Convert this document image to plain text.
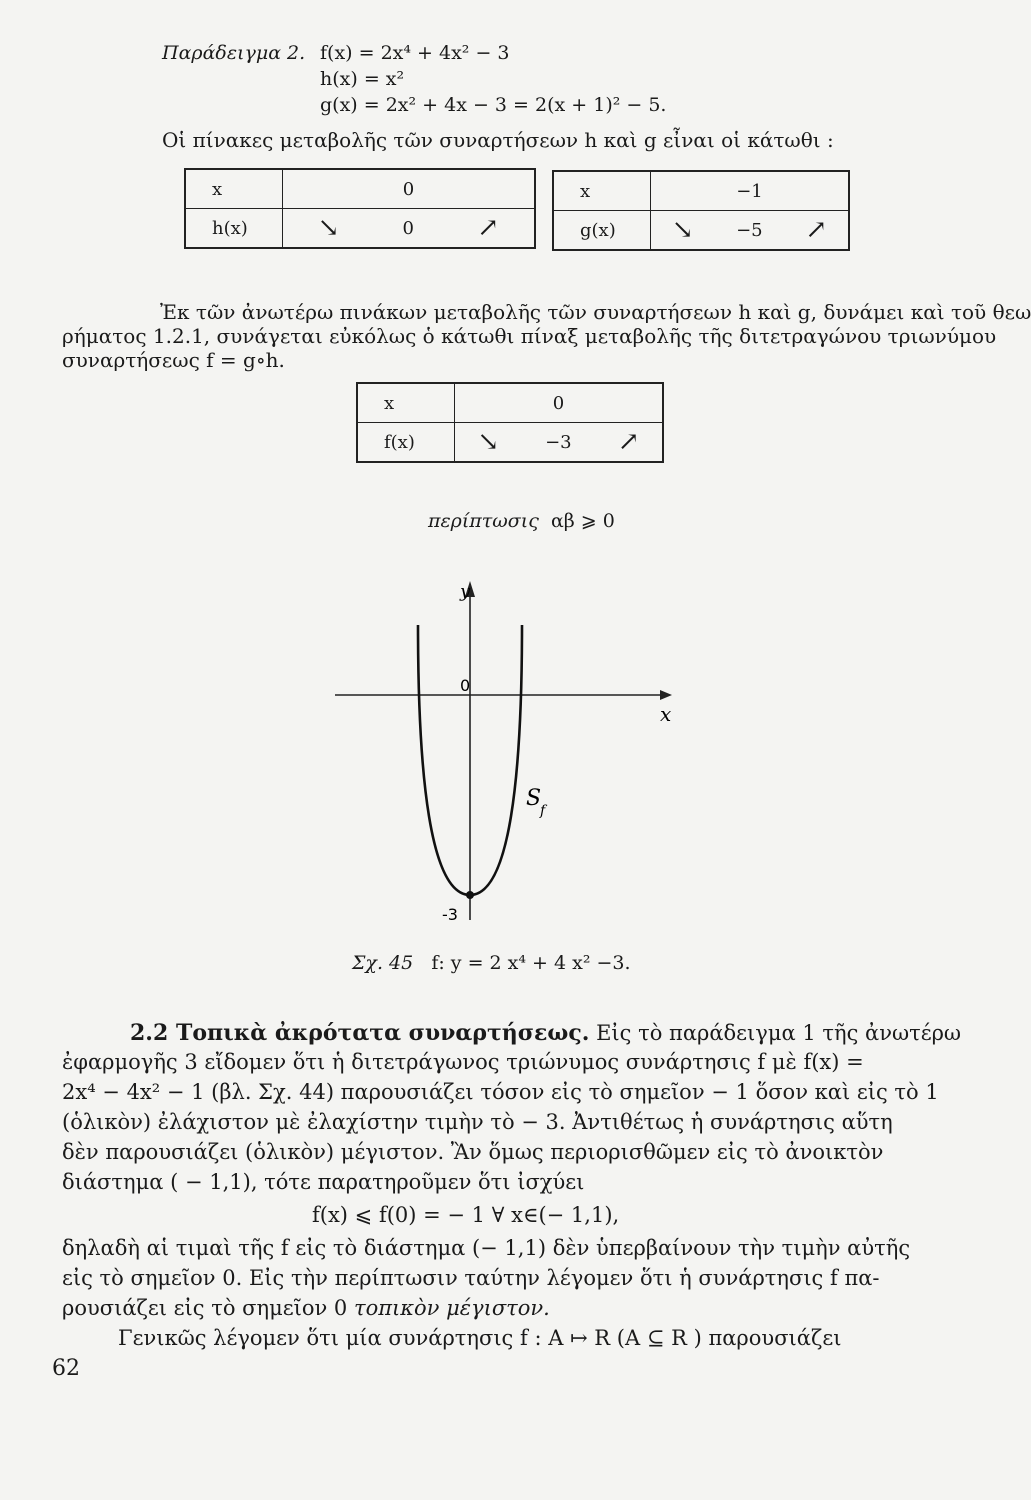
Παράδειγμα 2. f(x) = 2x⁴ + 4x² − 3
h(x) = x²
g(x) = 2x² + 4x − 3 = 2(x + 1)² − 5.
Οἱ πίνακες μεταβολῆς τῶν συναρτήσεων h καὶ g εἶναι οἱ κάτωθι :
x	0		
h(x)	↘	0	↗
x	−1		
g(x)	↘	−5	↗
Ἐκ τῶν ἀνωτέρω πινάκων μεταβολῆς τῶν συναρτήσεων h καὶ g, δυνάμει καὶ τοῦ θεω
ρήματος 1.2.1, συνάγεται εὐκόλως ὁ κάτωθι πίναξ μεταβολῆς τῆς διτετραγώνου τριωνύμου
συναρτήσεως f = g∘h.
x	0		
f(x)	↘	−3	↗
περίπτωσις αβ ⩾ 0
y
x
0
S
f
-3
Σχ. 45 f: y = 2 x⁴ + 4 x² −3.
2.2 Τοπικὰ ἀκρότατα συναρτήσεως. Εἰς τὸ παράδειγμα 1 τῆς ἀνωτέρω
ἐφαρμογῆς 3 εἴδομεν ὅτι ἡ διτετράγωνος τριώνυμος συνάρτησις f μὲ f(x) =
2x⁴ − 4x² − 1 (βλ. Σχ. 44) παρουσιάζει τόσον εἰς τὸ σημεῖον − 1 ὅσον καὶ εἰς τὸ 1
(ὁλικὸν) ἐλάχιστον μὲ ἐλαχίστην τιμὴν τὸ − 3. Ἀντιθέτως ἡ συνάρτησις αὕτη
δὲν παρουσιάζει (ὁλικὸν) μέγιστον. Ἂν ὅμως περιορισθῶμεν εἰς τὸ ἀνοικτὸν
διάστημα ( − 1,1), τότε παρατηροῦμεν ὅτι ἰσχύει
f(x) ⩽ f(0) = − 1 ∀ x∈(− 1,1),
δηλαδὴ αἱ τιμαὶ τῆς f εἰς τὸ διάστημα (− 1,1) δὲν ὑπερβαίνουν τὴν τιμὴν αὐτῆς
εἰς τὸ σημεῖον 0. Εἰς τὴν περίπτωσιν ταύτην λέγομεν ὅτι ἡ συνάρτησις f πα-
ρουσιάζει εἰς τὸ σημεῖον 0 τοπικὸν μέγιστον.
Γενικῶς λέγομεν ὅτι μία συνάρτησις f : A ↦ R (A ⊆ R ) παρουσιάζει
62
